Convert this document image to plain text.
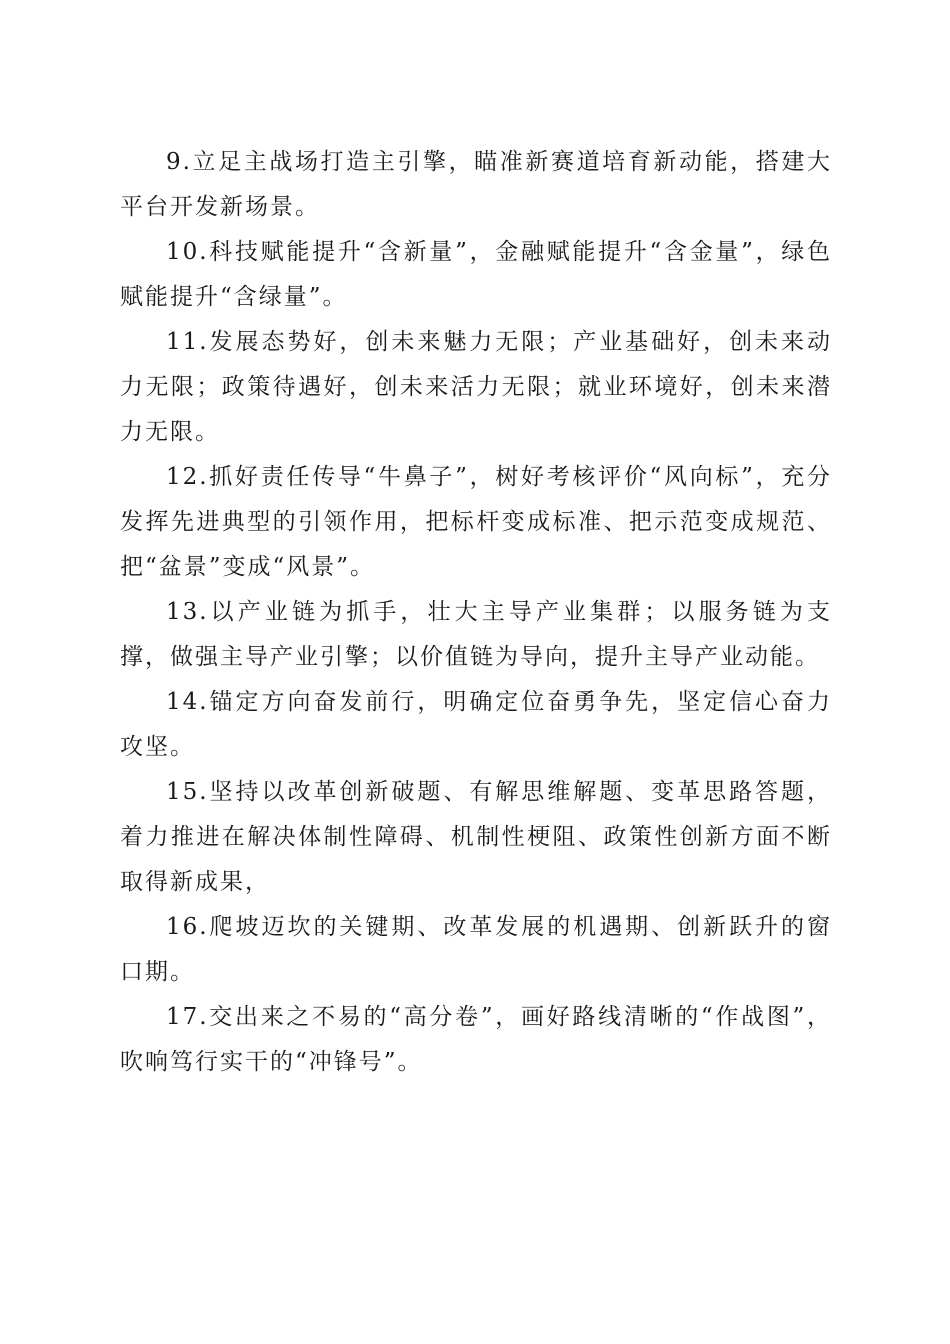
9.立足主战场打造主引擎，瞄准新赛道培育新动能，搭建大平台开发新场景。

10.科技赋能提升“含新量”，金融赋能提升“含金量”，绿色赋能提升“含绿量”。

11.发展态势好，创未来魅力无限；产业基础好，创未来动力无限；政策待遇好，创未来活力无限；就业环境好，创未来潜力无限。

12.抓好责任传导“牛鼻子”，树好考核评价“风向标”，充分发挥先进典型的引领作用，把标杆变成标准、把示范变成规范、把“盆景”变成“风景”。

13.以产业链为抓手，壮大主导产业集群；以服务链为支撑，做强主导产业引擎；以价值链为导向，提升主导产业动能。

14.锚定方向奋发前行，明确定位奋勇争先，坚定信心奋力攻坚。

15.坚持以改革创新破题、有解思维解题、变革思路答题，着力推进在解决体制性障碍、机制性梗阻、政策性创新方面不断取得新成果，

16.爬坡迈坎的关键期、改革发展的机遇期、创新跃升的窗口期。

17.交出来之不易的“高分卷”，画好路线清晰的“作战图”，吹响笃行实干的“冲锋号”。
